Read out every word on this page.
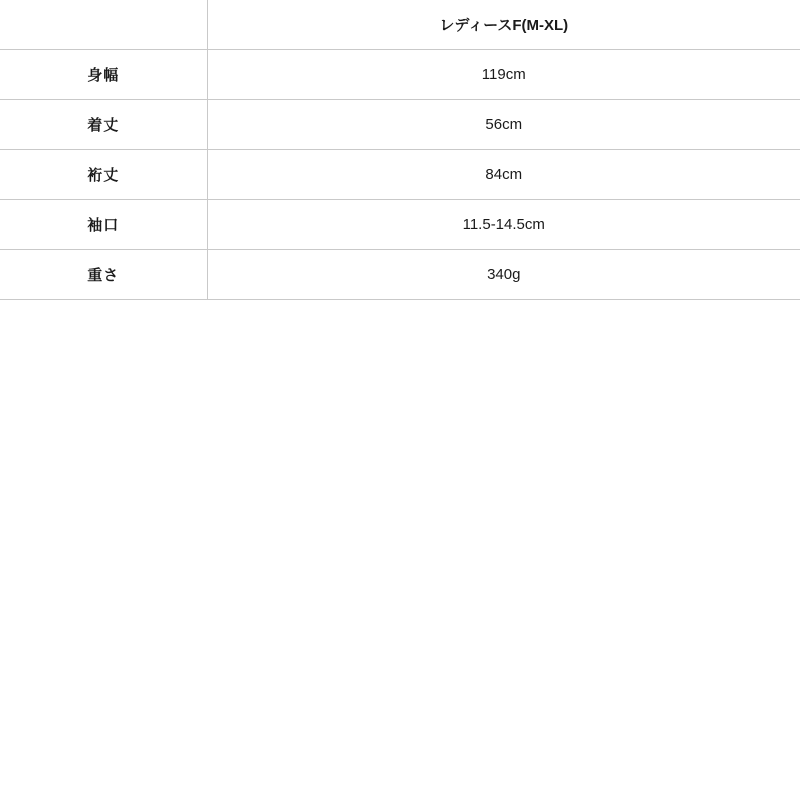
	レディースF(M-XL)
身幅	119cm
着丈	56cm
裄丈	84cm
袖口	11.5-14.5cm
重さ	340g
